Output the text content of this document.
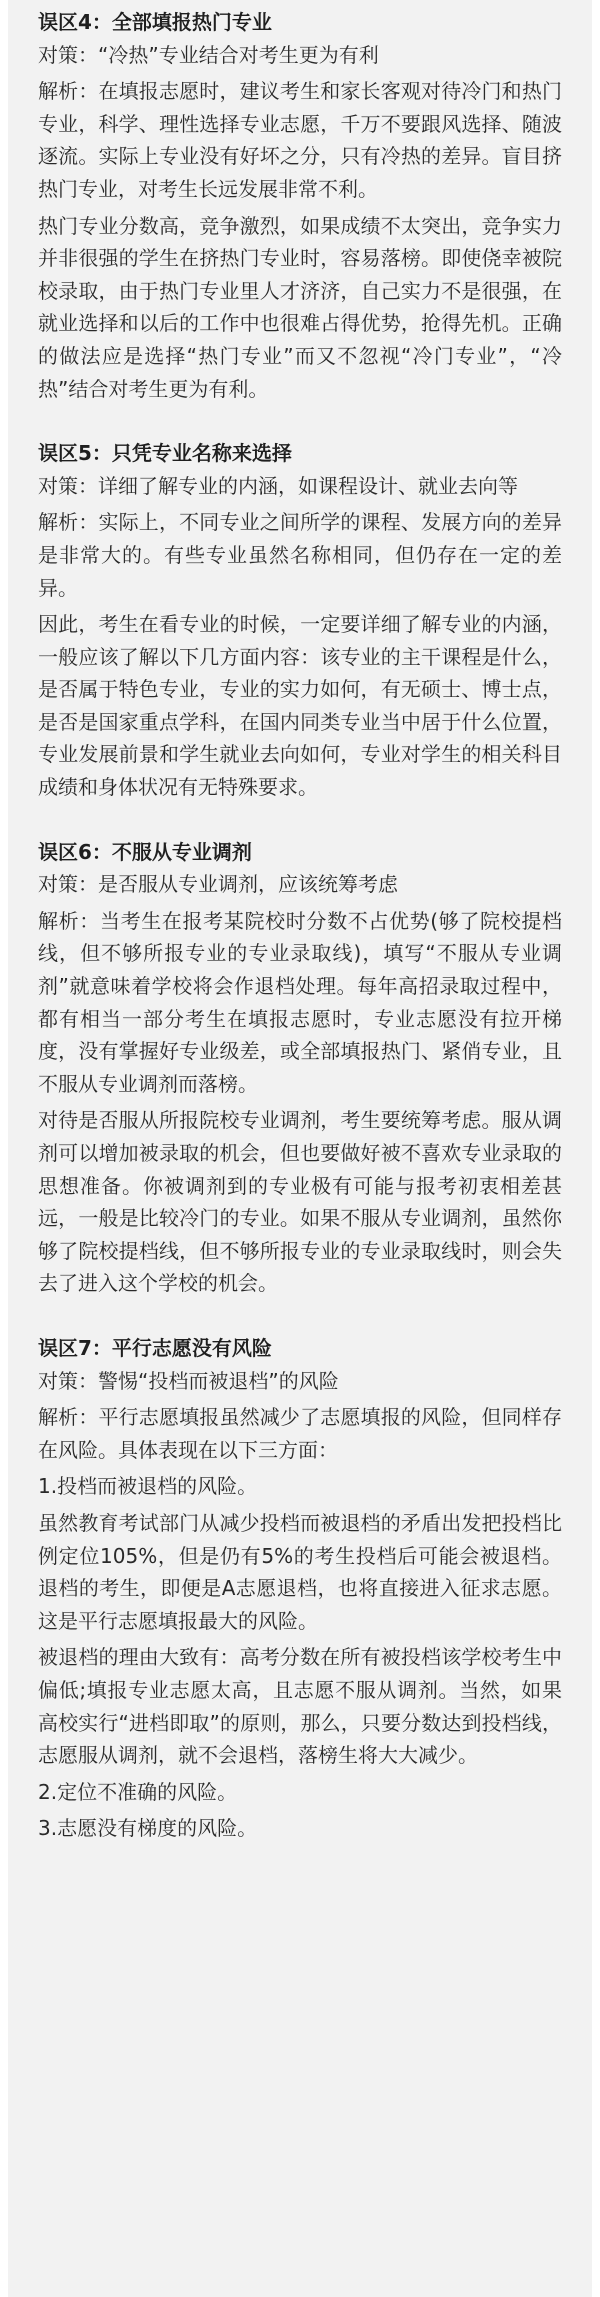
误区4：全部填报热门专业

对策：“冷热”专业结合对考生更为有利

解析：在填报志愿时，建议考生和家长客观对待冷门和热门专业，科学、理性选择专业志愿，千万不要跟风选择、随波逐流。实际上专业没有好坏之分，只有冷热的差异。盲目挤热门专业，对考生长远发展非常不利。

热门专业分数高，竞争激烈，如果成绩不太突出，竞争实力并非很强的学生在挤热门专业时，容易落榜。即使侥幸被院校录取，由于热门专业里人才济济，自己实力不是很强，在就业选择和以后的工作中也很难占得优势，抢得先机。正确的做法应是选择“热门专业”而又不忽视“冷门专业”，“冷热”结合对考生更为有利。

误区5：只凭专业名称来选择

对策：详细了解专业的内涵，如课程设计、就业去向等

解析：实际上，不同专业之间所学的课程、发展方向的差异是非常大的。有些专业虽然名称相同，但仍存在一定的差异。

因此，考生在看专业的时候，一定要详细了解专业的内涵，一般应该了解以下几方面内容：该专业的主干课程是什么，是否属于特色专业，专业的实力如何，有无硕士、博士点，是否是国家重点学科，在国内同类专业当中居于什么位置，专业发展前景和学生就业去向如何，专业对学生的相关科目成绩和身体状况有无特殊要求。

误区6：不服从专业调剂

对策：是否服从专业调剂，应该统筹考虑

解析：当考生在报考某院校时分数不占优势(够了院校提档线，但不够所报专业的专业录取线)，填写“不服从专业调剂”就意味着学校将会作退档处理。每年高招录取过程中，都有相当一部分考生在填报志愿时，专业志愿没有拉开梯度，没有掌握好专业级差，或全部填报热门、紧俏专业，且不服从专业调剂而落榜。

对待是否服从所报院校专业调剂，考生要统筹考虑。服从调剂可以增加被录取的机会，但也要做好被不喜欢专业录取的思想准备。你被调剂到的专业极有可能与报考初衷相差甚远，一般是比较冷门的专业。如果不服从专业调剂，虽然你够了院校提档线，但不够所报专业的专业录取线时，则会失去了进入这个学校的机会。

误区7：平行志愿没有风险

对策：警惕“投档而被退档”的风险

解析：平行志愿填报虽然减少了志愿填报的风险，但同样存在风险。具体表现在以下三方面：

1.投档而被退档的风险。

虽然教育考试部门从减少投档而被退档的矛盾出发把投档比例定位105%，但是仍有5%的考生投档后可能会被退档。退档的考生，即便是A志愿退档，也将直接进入征求志愿。这是平行志愿填报最大的风险。

被退档的理由大致有：高考分数在所有被投档该学校考生中偏低;填报专业志愿太高，且志愿不服从调剂。当然，如果高校实行“进档即取”的原则，那么，只要分数达到投档线，志愿服从调剂，就不会退档，落榜生将大大减少。

2.定位不准确的风险。

3.志愿没有梯度的风险。
